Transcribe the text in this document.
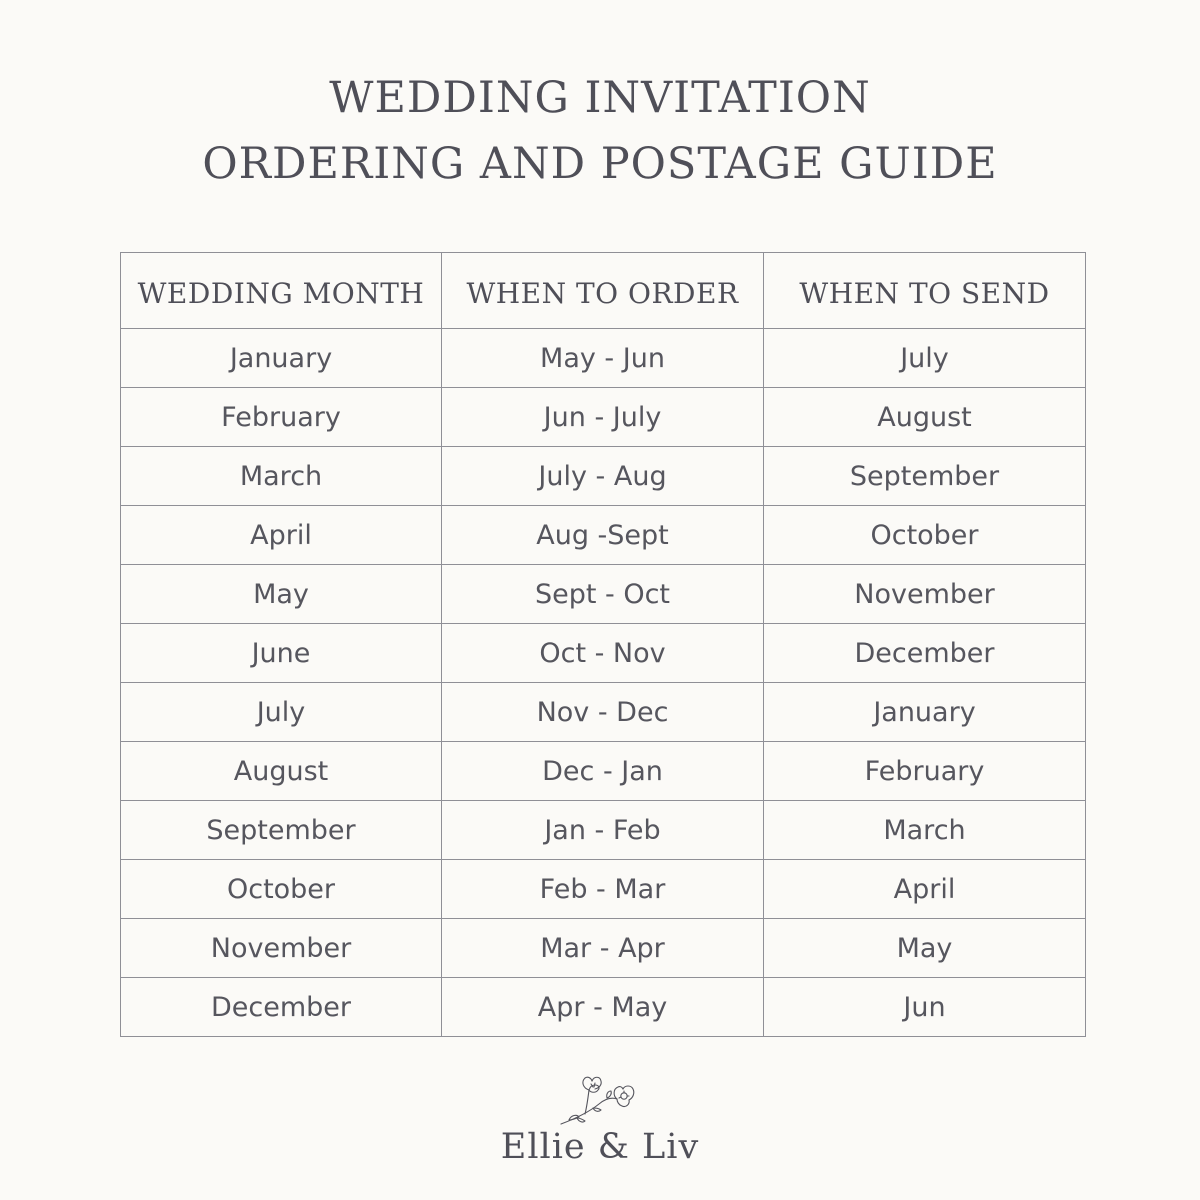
WEDDING INVITATION
ORDERING AND POSTAGE GUIDE
WEDDING MONTH	WHEN TO ORDER	WHEN TO SEND
January	May - Jun	July
February	Jun - July	August
March	July - Aug	September
April	Aug -Sept	October
May	Sept - Oct	November
June	Oct - Nov	December
July	Nov - Dec	January
August	Dec - Jan	February
September	Jan - Feb	March
October	Feb - Mar	April
November	Mar - Apr	May
December	Apr - May	Jun
Ellie & Liv
